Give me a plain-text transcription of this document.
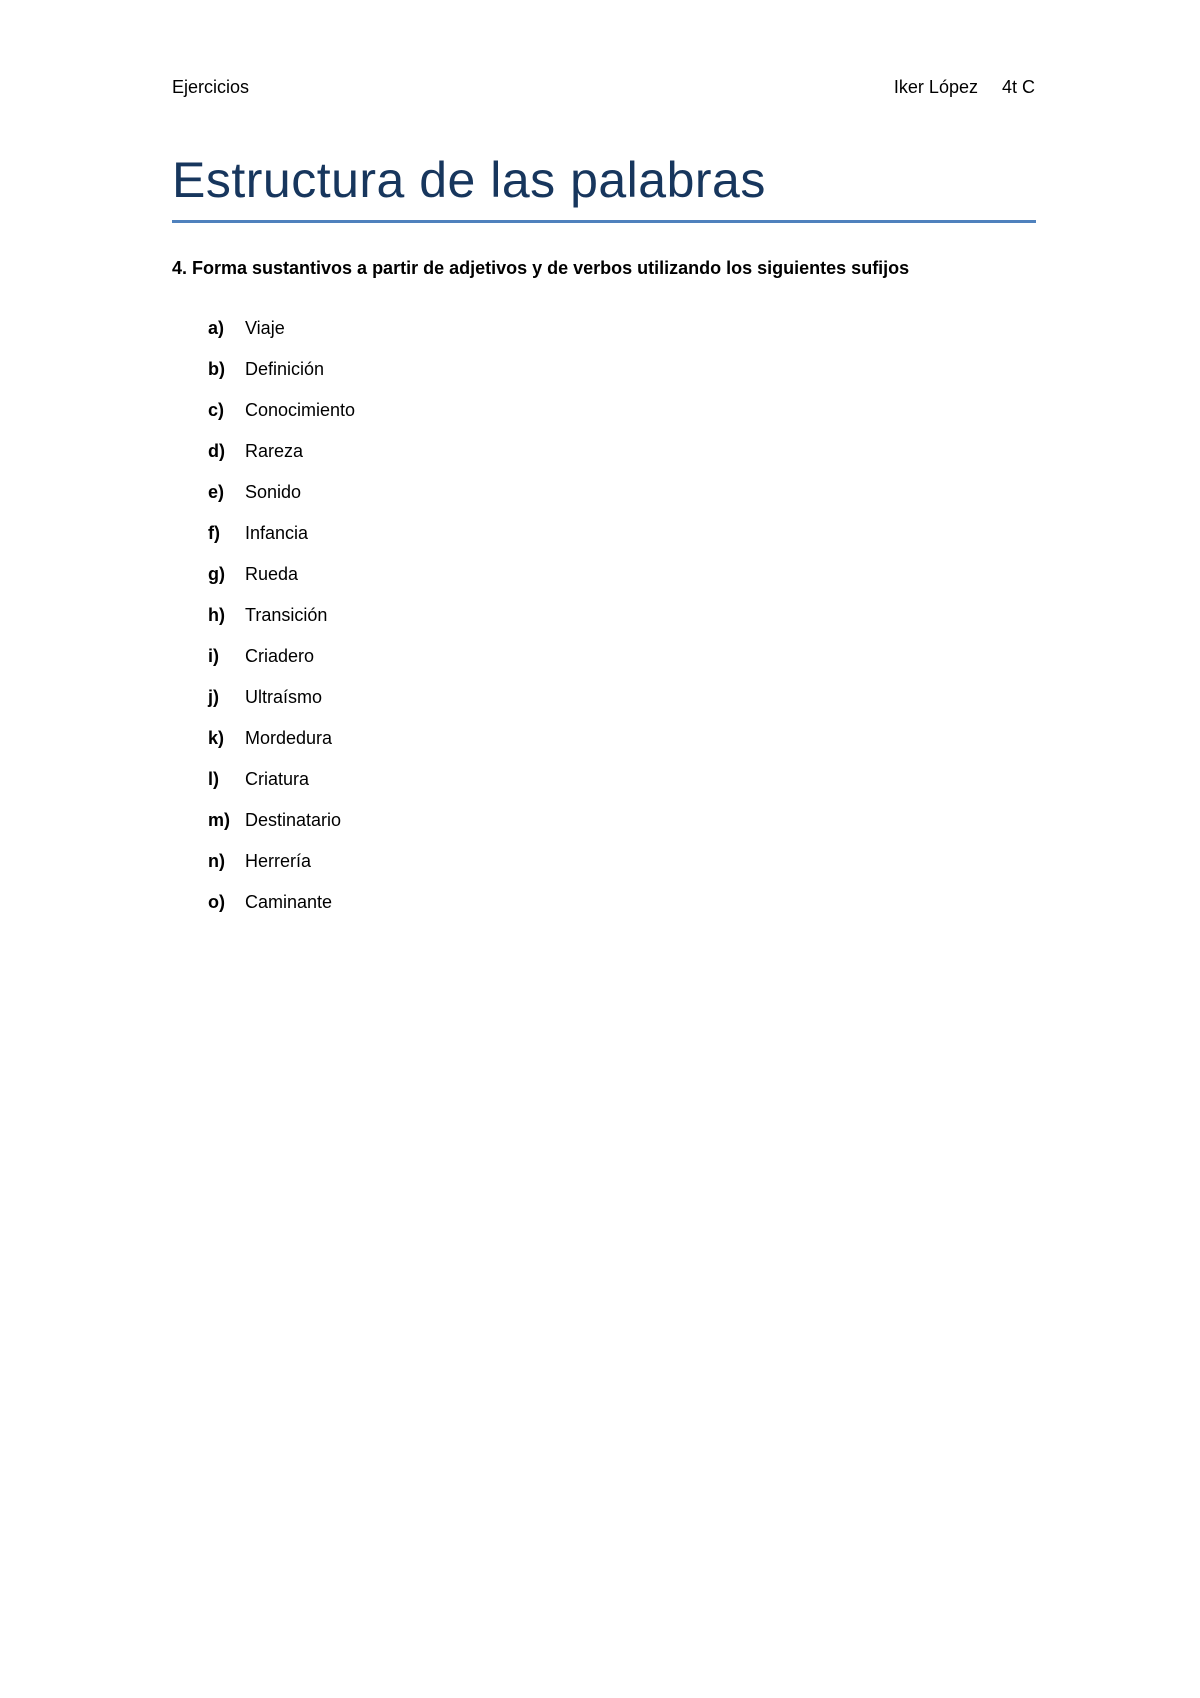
Ejercicios	Iker López 4t C
Estructura de las palabras
4. Forma sustantivos a partir de adjetivos y de verbos utilizando los siguientes sufijos
a)	Viaje
b)	Definición
c)	Conocimiento
d)	Rareza
e)	Sonido
f)	Infancia
g)	Rueda
h)	Transición
i)	Criadero
j)	Ultraísmo
k)	Mordedura
l)	Criatura
m) Destinatario
n)	Herrería
o)	Caminante
